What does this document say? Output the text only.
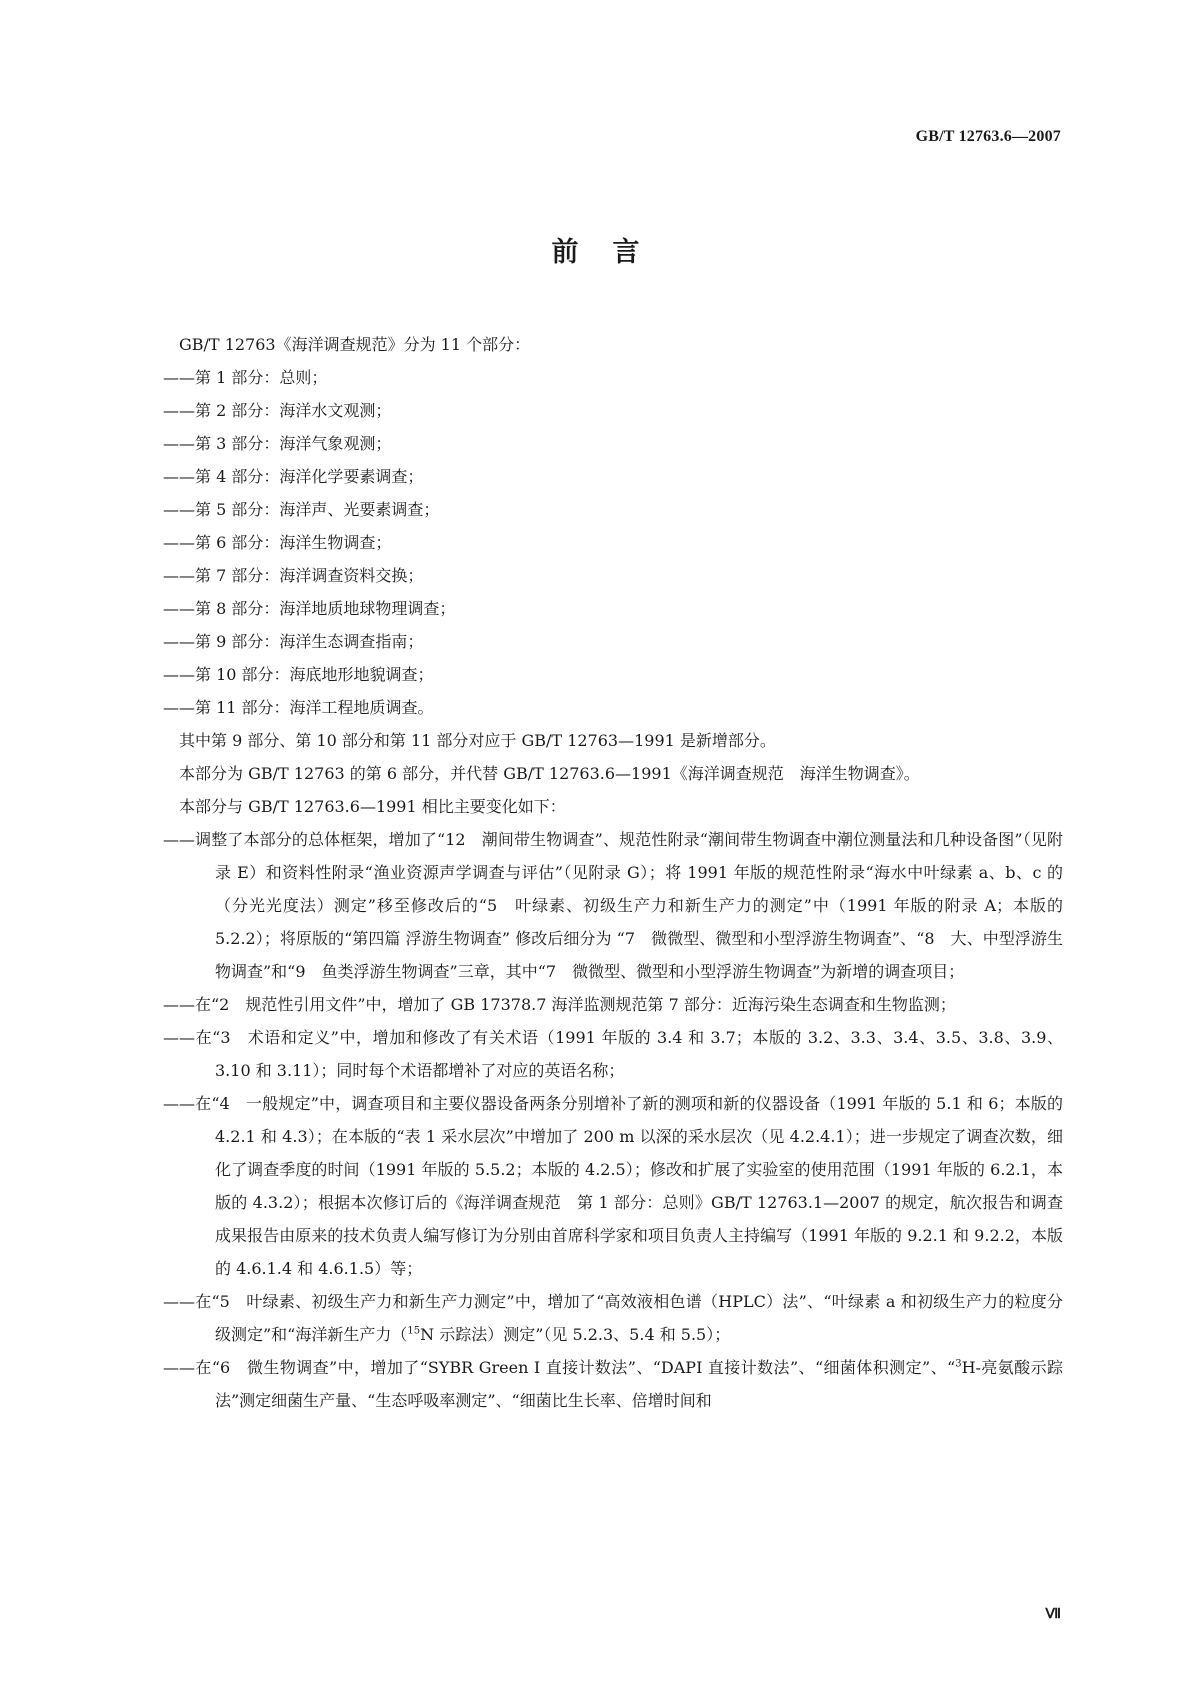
GB/T 12763.6—2007
前言

GB/T 12763《海洋调查规范》分为 11 个部分：

——第 1 部分：总则；

——第 2 部分：海洋水文观测；

——第 3 部分：海洋气象观测；

——第 4 部分：海洋化学要素调查；

——第 5 部分：海洋声、光要素调查；

——第 6 部分：海洋生物调查；

——第 7 部分：海洋调查资料交换；

——第 8 部分：海洋地质地球物理调查；

——第 9 部分：海洋生态调查指南；

——第 10 部分：海底地形地貌调查；

——第 11 部分：海洋工程地质调查。

其中第 9 部分、第 10 部分和第 11 部分对应于 GB/T 12763—1991 是新增部分。

本部分为 GB/T 12763 的第 6 部分，并代替 GB/T 12763.6—1991《海洋调查规范　海洋生物调查》。

本部分与 GB/T 12763.6—1991 相比主要变化如下：

——调整了本部分的总体框架，增加了“12　潮间带生物调查”、规范性附录“潮间带生物调查中潮位测量法和几种设备图”（见附录 E）和资料性附录“渔业资源声学调查与评估”（见附录 G）；将 1991 年版的规范性附录“海水中叶绿素 a、b、c 的（分光光度法）测定”移至修改后的“5　叶绿素、初级生产力和新生产力的测定”中（1991 年版的附录 A；本版的 5.2.2）；将原版的“第四篇 浮游生物调查” 修改后细分为 “7　微微型、微型和小型浮游生物调查”、“8　大、中型浮游生物调查”和“9　鱼类浮游生物调查”三章，其中“7　微微型、微型和小型浮游生物调查”为新增的调查项目；

——在“2　规范性引用文件”中，增加了 GB 17378.7 海洋监测规范第 7 部分：近海污染生态调查和生物监测；

——在“3　术语和定义”中，增加和修改了有关术语（1991 年版的 3.4 和 3.7；本版的 3.2、3.3、3.4、3.5、3.8、3.9、3.10 和 3.11）；同时每个术语都增补了对应的英语名称；

——在“4　一般规定”中，调查项目和主要仪器设备两条分别增补了新的测项和新的仪器设备（1991 年版的 5.1 和 6；本版的 4.2.1 和 4.3）；在本版的“表 1 采水层次”中增加了 200 m 以深的采水层次（见 4.2.4.1）；进一步规定了调查次数，细化了调查季度的时间（1991 年版的 5.5.2；本版的 4.2.5）；修改和扩展了实验室的使用范围（1991 年版的 6.2.1，本版的 4.3.2）；根据本次修订后的《海洋调查规范　第 1 部分：总则》GB/T 12763.1—2007 的规定，航次报告和调查成果报告由原来的技术负责人编写修订为分别由首席科学家和项目负责人主持编写（1991 年版的 9.2.1 和 9.2.2，本版的 4.6.1.4 和 4.6.1.5）等；

——在“5　叶绿素、初级生产力和新生产力测定”中，增加了“高效液相色谱（HPLC）法”、“叶绿素 a 和初级生产力的粒度分级测定”和“海洋新生产力（$^{15}$N 示踪法）测定”（见 5.2.3、5.4 和 5.5）；

——在“6　微生物调查”中，增加了“SYBR Green I 直接计数法”、“DAPI 直接计数法”、“细菌体积测定”、“$^3$H-亮氨酸示踪法”测定细菌生产量、“生态呼吸率测定”、“细菌比生长率、倍增时间和

Ⅶ
